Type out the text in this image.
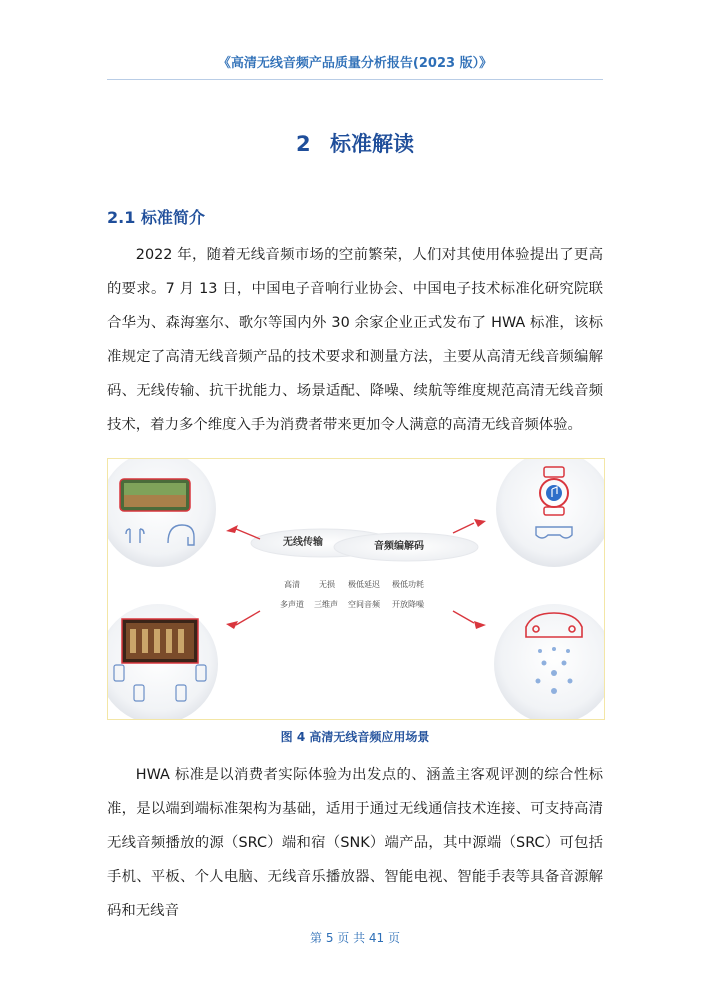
《高清无线音频产品质量分析报告(2023 版）》
2 标准解读
2.1 标准简介

2022 年，随着无线音频市场的空前繁荣，人们对其使用体验提出了更高的要求。7 月 13 日，中国电子音响行业协会、中国电子技术标准化研究院联合华为、森海塞尔、歌尔等国内外 30 余家企业正式发布了 HWA 标准，该标准规定了高清无线音频产品的技术要求和测量方法，主要从高清无线音频编解码、无线传输、抗干扰能力、场景适配、降噪、续航等维度规范高清无线音频技术，着力多个维度入手为消费者带来更加令人满意的高清无线音频体验。

无线传输	音频编解码
高清 无损 极低延迟 极低功耗
多声道 三维声 空间音频 开放降噪
图 4 高清无线音频应用场景

HWA 标准是以消费者实际体验为出发点的、涵盖主客观评测的综合性标准，是以端到端标准架构为基础，适用于通过无线通信技术连接、可支持高清无线音频播放的源（SRC）端和宿（SNK）端产品，其中源端（SRC）可包括手机、平板、个人电脑、无线音乐播放器、智能电视、智能手表等具备音源解码和无线音

第 5 页 共 41 页
